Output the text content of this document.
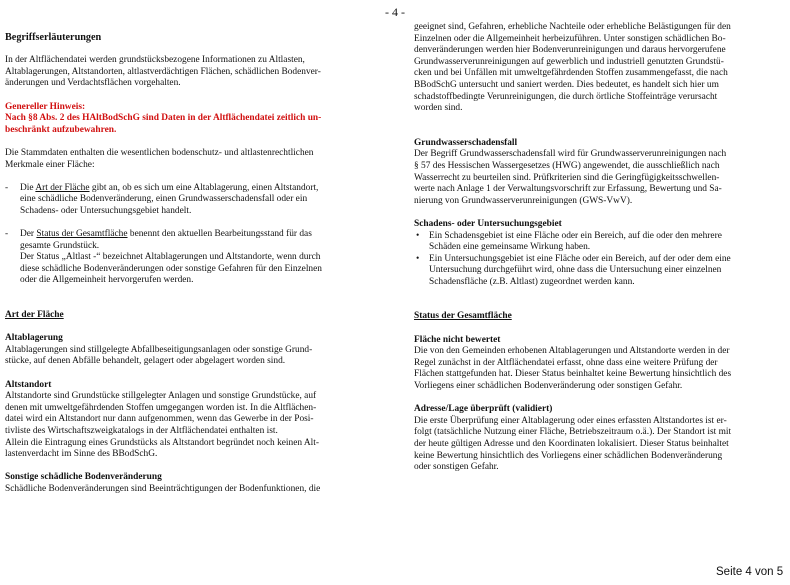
- 4 -

Begriffserläuterungen

In der Altflächendatei werden grundstücksbezogene Informationen zu Altlasten,
Altablagerungen, Altstandorten, altlastverdächtigen Flächen, schädlichen Bodenver-
änderungen und Verdachtsflächen vorgehalten.

Genereller Hinweis:

Nach §8 Abs. 2 des HAltBodSchG sind Daten in der Altflächendatei zeitlich un-
beschränkt aufzubewahren.

Die Stammdaten enthalten die wesentlichen bodenschutz- und altlastenrechtlichen
Merkmale einer Fläche:

- Die Art der Fläche gibt an, ob es sich um eine Altablagerung, einen Altstandort,
eine schädliche Bodenveränderung, einen Grundwasserschadensfall oder ein
Schadens- oder Untersuchungsgebiet handelt.
- Der Status der Gesamtfläche benennt den aktuellen Bearbeitungsstand für das
gesamte Grundstück.
Der Status „Altlast -“ bezeichnet Altablagerungen und Altstandorte, wenn durch
diese schädliche Bodenveränderungen oder sonstige Gefahren für den Einzelnen
oder die Allgemeinheit hervorgerufen werden.

Art der Fläche

Altablagerung

Altablagerungen sind stillgelegte Abfallbeseitigungsanlagen oder sonstige Grund-
stücke, auf denen Abfälle behandelt, gelagert oder abgelagert worden sind.

Altstandort

Altstandorte sind Grundstücke stillgelegter Anlagen und sonstige Grundstücke, auf
denen mit umweltgefährdenden Stoffen umgegangen worden ist. In die Altflächen-
datei wird ein Altstandort nur dann aufgenommen, wenn das Gewerbe in der Posi-
tivliste des Wirtschaftszweigkatalogs in der Altflächendatei enthalten ist.
Allein die Eintragung eines Grundstücks als Altstandort begründet noch keinen Alt-
lastenverdacht im Sinne des BBodSchG.

Sonstige schädliche Bodenveränderung

Schädliche Bodenveränderungen sind Beeinträchtigungen der Bodenfunktionen, die

geeignet sind, Gefahren, erhebliche Nachteile oder erhebliche Belästigungen für den
Einzelnen oder die Allgemeinheit herbeizuführen. Unter sonstigen schädlichen Bo-
denveränderungen werden hier Bodenverunreinigungen und daraus hervorgerufene
Grundwasserverunreinigungen auf gewerblich und industriell genutzten Grundstü-
cken und bei Unfällen mit umweltgefährdenden Stoffen zusammengefasst, die nach
BBodSchG untersucht und saniert werden. Dies bedeutet, es handelt sich hier um
schadstoffbedingte Verunreinigungen, die durch örtliche Stoffeinträge verursacht
worden sind.

Grundwasserschadensfall

Der Begriff Grundwasserschadensfall wird für Grundwasserverunreinigungen nach
§ 57 des Hessischen Wassergesetzes (HWG) angewendet, die ausschließlich nach
Wasserrecht zu beurteilen sind. Prüfkriterien sind die Geringfügigkeitsschwellen-
werte nach Anlage 1 der Verwaltungsvorschrift zur Erfassung, Bewertung und Sa-
nierung von Grundwasserverunreinigungen (GWS-VwV).

Schadens- oder Untersuchungsgebiet

• Ein Schadensgebiet ist eine Fläche oder ein Bereich, auf die oder den mehrere
Schäden eine gemeinsame Wirkung haben.
• Ein Untersuchungsgebiet ist eine Fläche oder ein Bereich, auf der oder dem eine
Untersuchung durchgeführt wird, ohne dass die Untersuchung einer einzelnen
Schadensfläche (z.B. Altlast) zugeordnet werden kann.

Status der Gesamtfläche

Fläche nicht bewertet

Die von den Gemeinden erhobenen Altablagerungen und Altstandorte werden in der
Regel zunächst in der Altflächendatei erfasst, ohne dass eine weitere Prüfung der
Flächen stattgefunden hat. Dieser Status beinhaltet keine Bewertung hinsichtlich des
Vorliegens einer schädlichen Bodenveränderung oder sonstigen Gefahr.

Adresse/Lage überprüft (validiert)

Die erste Überprüfung einer Altablagerung oder eines erfassten Altstandortes ist er-
folgt (tatsächliche Nutzung einer Fläche, Betriebszeitraum o.ä.). Der Standort ist mit
der heute gültigen Adresse und den Koordinaten lokalisiert. Dieser Status beinhaltet
keine Bewertung hinsichtlich des Vorliegens einer schädlichen Bodenveränderung
oder sonstigen Gefahr.

Seite 4 von 5
